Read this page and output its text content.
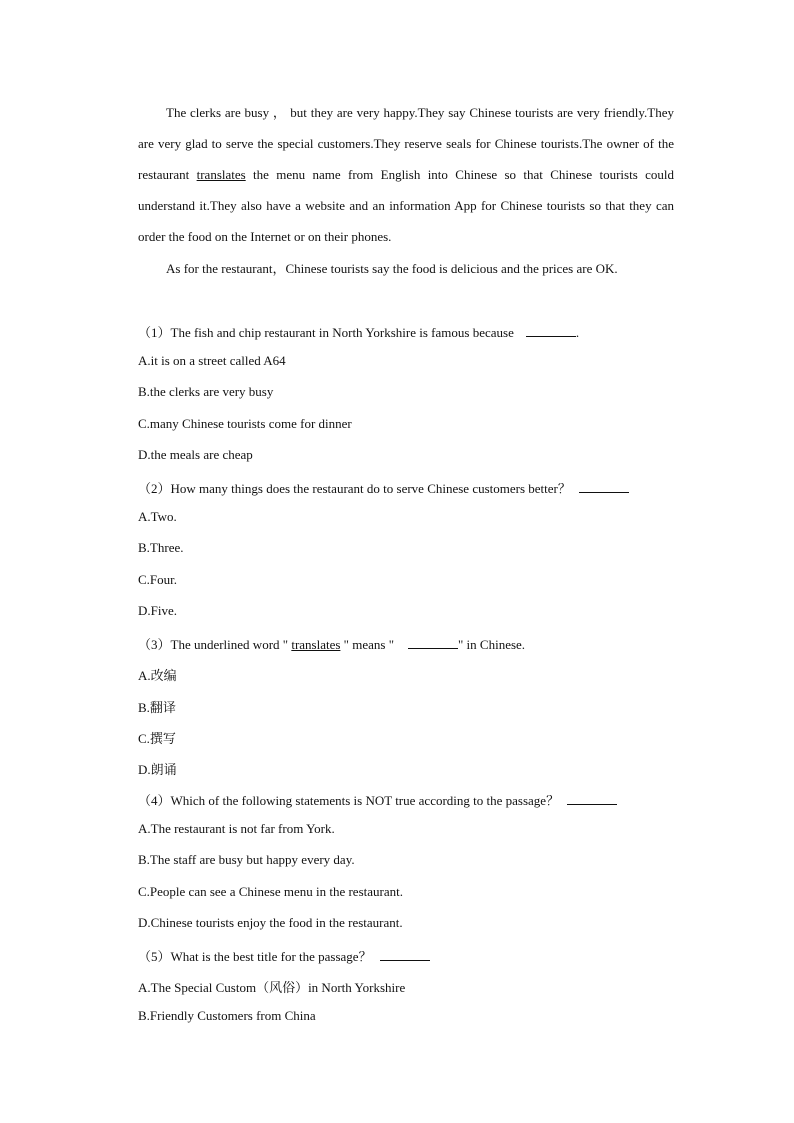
The clerks are busy ， but they are very happy.They say Chinese tourists are very friendly.They are very glad to serve the special customers.They reserve seals for Chinese tourists.The owner of the restaurant translates the menu name from English into Chinese so that Chinese tourists could understand it.They also have a website and an information App for Chinese tourists so that they can order the food on the Internet or on their phones.

As for the restaurant，Chinese tourists say the food is delicious and the prices are OK.

（1）The fish and chip restaurant in North Yorkshire is famous because	.

A.it is on a street called A64

B.the clerks are very busy

C.many Chinese tourists come for dinner

D.the meals are cheap

（2）How many things does the restaurant do to serve Chinese customers better？

A.Two.

B.Three.

C.Four.

D.Five.

（3）The underlined word " translates " means "	" in Chinese.

A.改编

B.翻译

C.撰写

D.朗诵

（4）Which of the following statements is NOT true according to the passage？

A.The restaurant is not far from York.

B.The staff are busy but happy every day.

C.People can see a Chinese menu in the restaurant.

D.Chinese tourists enjoy the food in the restaurant.

（5）What is the best title for the passage？

A.The Special Custom（风俗）in North Yorkshire

B.Friendly Customers from China
